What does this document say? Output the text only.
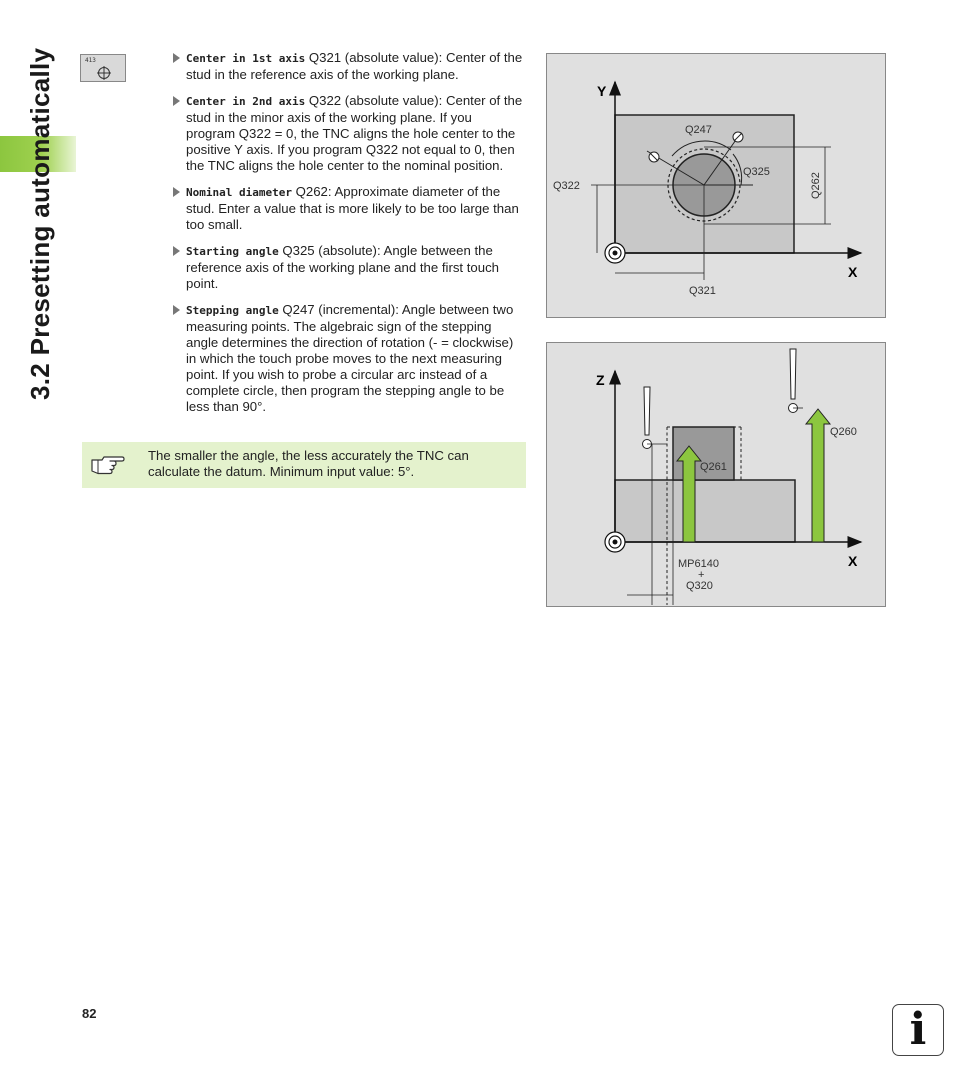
3.2 Presetting automatically	413	Center in 1st axis Q321 (absolute value): Center of the stud in the reference axis of the working plane.
Center in 2nd axis Q322 (absolute value): Center of the stud in the minor axis of the working plane. If you program Q322 = 0, the TNC aligns the hole center to the positive Y axis. If you program Q322 not equal to 0, then the TNC aligns the hole center to the nominal position.
Nominal diameter Q262: Approximate diameter of the stud. Enter a value that is more likely to be too large than too small.
Starting angle Q325 (absolute): Angle between the reference axis of the working plane and the first touch point.
Stepping angle Q247 (incremental): Angle between two measuring points. The algebraic sign of the stepping angle determines the direction of rotation (- = clockwise) in which the touch probe moves to the next measuring point. If you wish to probe a circular arc instead of a complete circle, then program the stepping angle to be less than 90°.
The smaller the angle, the less accurately the TNC can calculate the datum. Minimum input value: 5°.
Y
X
Q247
Q325
Q322	Q262
Q321
Z
X
Q261
Q260
MP6140
+
Q320
82	i
